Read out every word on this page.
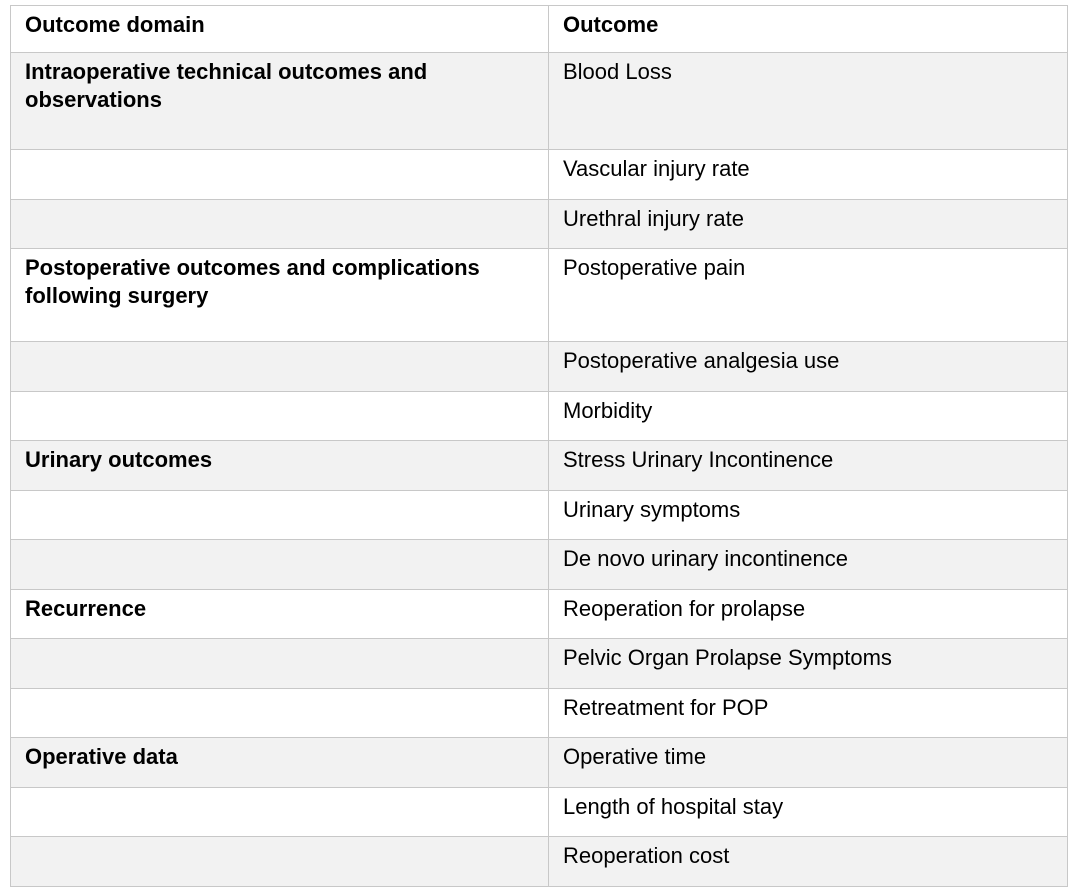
Outcome domain	Outcome
Intraoperative technical outcomes and observations	Blood Loss
	Vascular injury rate
	Urethral injury rate
Postoperative outcomes and complications following surgery	Postoperative pain
	Postoperative analgesia use
	Morbidity
Urinary outcomes	Stress Urinary Incontinence
	Urinary symptoms
	De novo urinary incontinence
Recurrence	Reoperation for prolapse
	Pelvic Organ Prolapse Symptoms
	Retreatment for POP
Operative data	Operative time
	Length of hospital stay
	Reoperation cost
